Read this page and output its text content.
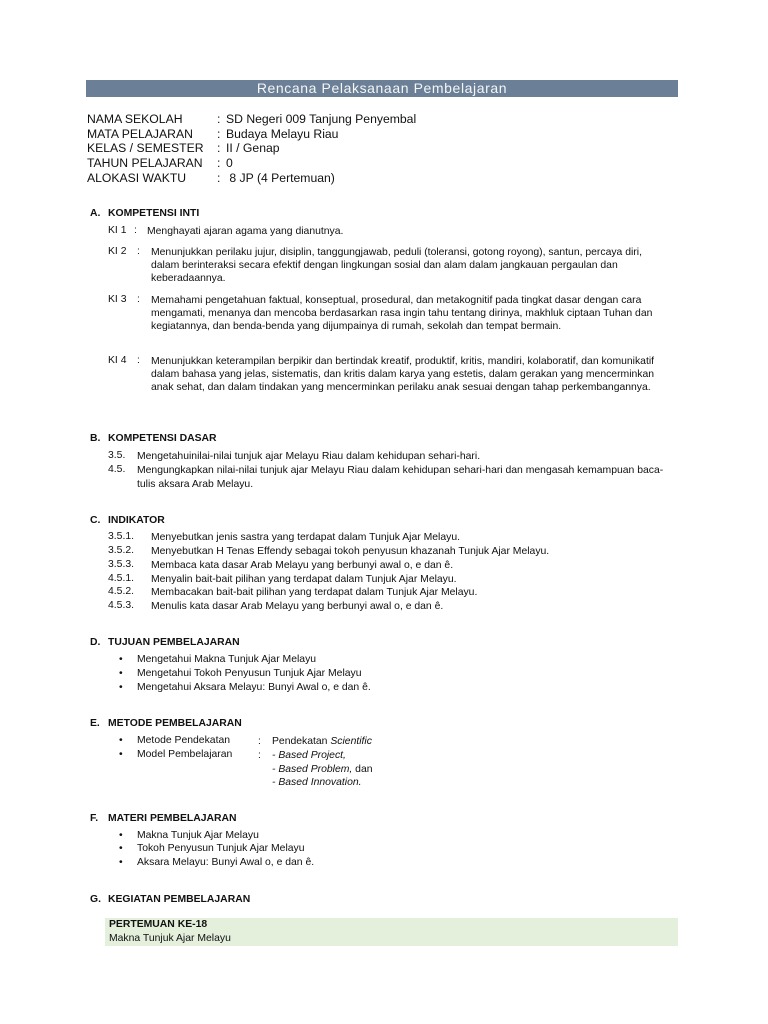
Rencana Pelaksanaan Pembelajaran
NAMA SEKOLAH	: SD Negeri 009 Tanjung Penyembal
MATA PELAJARAN : Budaya Melayu Riau
KELAS / SEMESTER : II / Genap
TAHUN PELAJARAN : 0
ALOKASI WAKTU	: 8 JP (4 Pertemuan)
A. KOMPETENSI INTI
KI 1 : Menghayati ajaran agama yang dianutnya.
KI 2 : Menunjukkan perilaku jujur, disiplin, tanggungjawab, peduli (toleransi, gotong royong), santun, percaya diri, dalam berinteraksi secara efektif dengan lingkungan sosial dan alam dalam jangkauan pergaulan dan keberadaannya.
KI 3 : Memahami pengetahuan faktual, konseptual, prosedural, dan metakognitif pada tingkat dasar dengan cara mengamati, menanya dan mencoba berdasarkan rasa ingin tahu tentang dirinya, makhluk ciptaan Tuhan dan kegiatannya, dan benda-benda yang dijumpainya di rumah, sekolah dan tempat bermain.
KI 4 : Menunjukkan keterampilan berpikir dan bertindak kreatif, produktif, kritis, mandiri, kolaboratif, dan komunikatif dalam bahasa yang jelas, sistematis, dan kritis dalam karya yang estetis, dalam gerakan yang mencerminkan anak sehat, dan dalam tindakan yang mencerminkan perilaku anak sesuai dengan tahap perkembangannya.
B. KOMPETENSI DASAR
3.5. Mengetahuinilai-nilai tunjuk ajar Melayu Riau dalam kehidupan sehari-hari.
4.5. Mengungkapkan nilai-nilai tunjuk ajar Melayu Riau dalam kehidupan sehari-hari dan mengasah kemampuan baca-tulis aksara Arab Melayu.
C. INDIKATOR
3.5.1. Menyebutkan jenis sastra yang terdapat dalam Tunjuk Ajar Melayu.
3.5.2. Menyebutkan H Tenas Effendy sebagai tokoh penyusun khazanah Tunjuk Ajar Melayu.
3.5.3. Membaca kata dasar Arab Melayu yang berbunyi awal o, e dan ê.
4.5.1. Menyalin bait-bait pilihan yang terdapat dalam Tunjuk Ajar Melayu.
4.5.2. Membacakan bait-bait pilihan yang terdapat dalam Tunjuk Ajar Melayu.
4.5.3. Menulis kata dasar Arab Melayu yang berbunyi awal o, e dan ê.
D. TUJUAN PEMBELAJARAN
• Mengetahui Makna Tunjuk Ajar Melayu
• Mengetahui Tokoh Penyusun Tunjuk Ajar Melayu
• Mengetahui Aksara Melayu: Bunyi Awal o, e dan ê.
E. METODE PEMBELAJARAN
• Metode Pendekatan	: Pendekatan Scientific
• Model Pembelajaran : - Based Project,
- Based Problem, dan
- Based Innovation.
F. MATERI PEMBELAJARAN
• Makna Tunjuk Ajar Melayu
• Tokoh Penyusun Tunjuk Ajar Melayu
• Aksara Melayu: Bunyi Awal o, e dan ê.
G. KEGIATAN PEMBELAJARAN
PERTEMUAN KE-18
Makna Tunjuk Ajar Melayu
